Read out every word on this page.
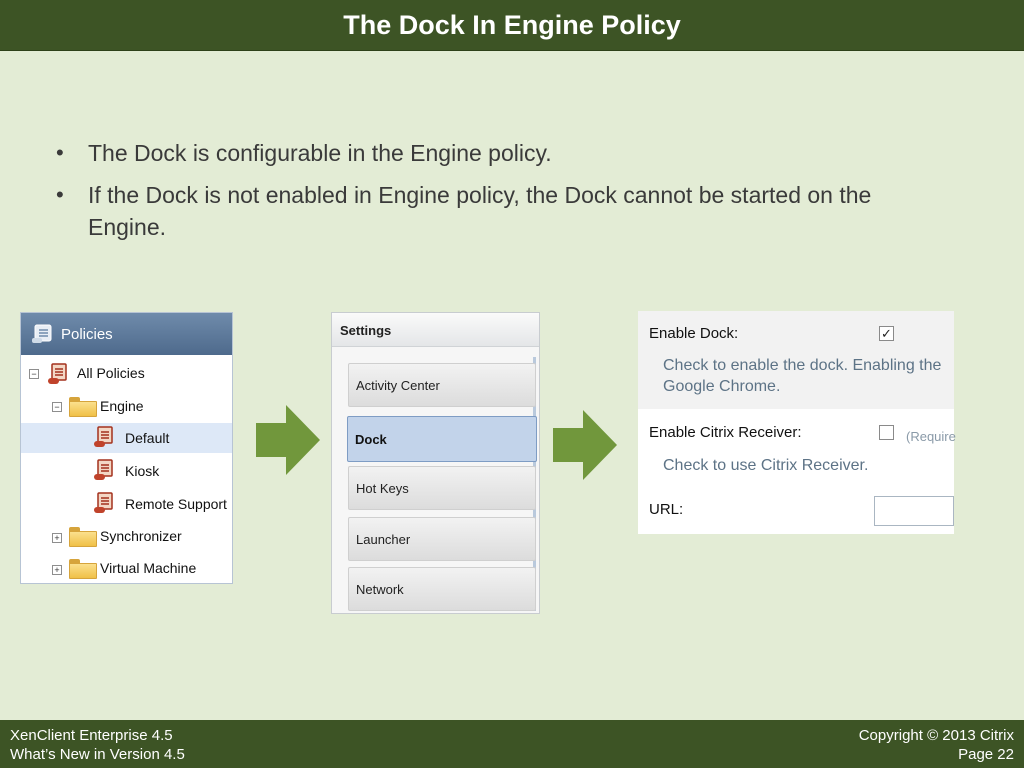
The Dock In Engine Policy
• The Dock is configurable in the Engine policy.
• If the Dock is not enabled in Engine policy, the Dock cannot be started on the Engine.
Policies
−	All Policies
−	Engine
Default
Kiosk
Remote Support
+	Synchronizer
+	Virtual Machine
Settings
Activity Center
Dock
Hot Keys
Launcher
Network
Enable Dock:	✓
Check to enable the dock. Enabling the
Google Chrome.
Enable Citrix Receiver:	(Require
Check to use Citrix Receiver.
URL:
XenClient Enterprise 4.5
What’s New in Version 4.5
Copyright © 2013 Citrix
Page 22
